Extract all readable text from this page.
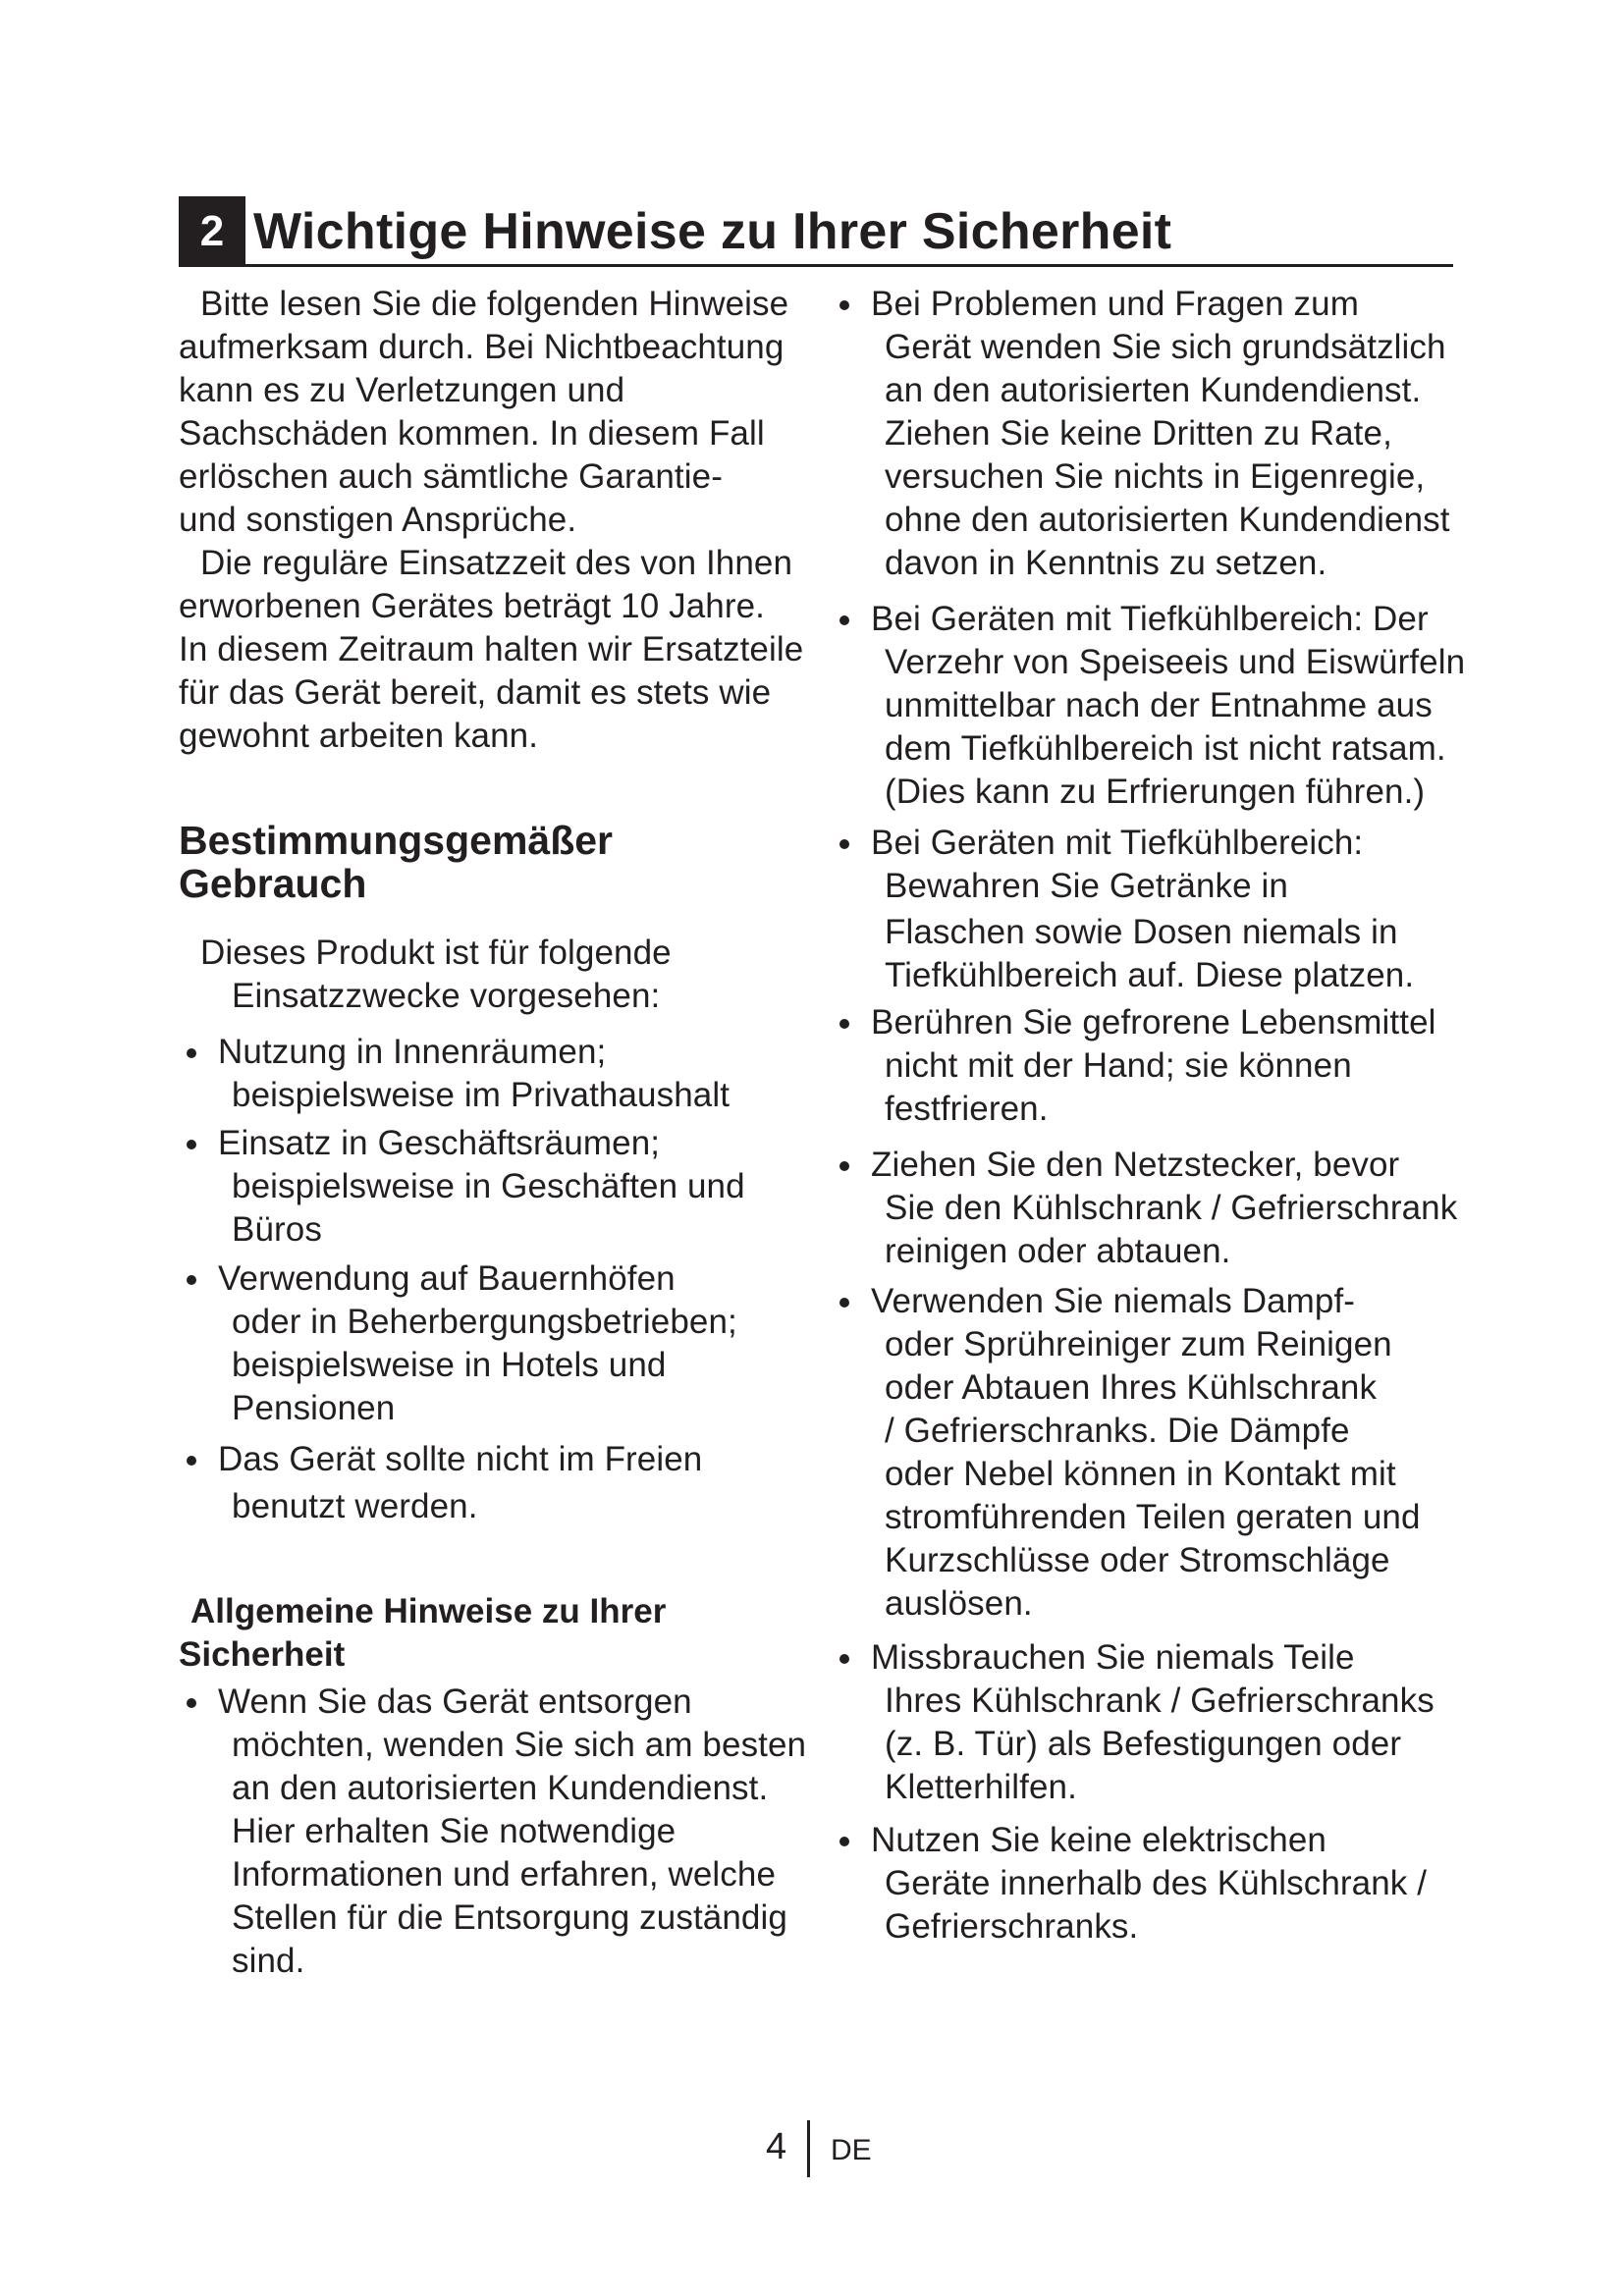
2 Wichtige Hinweise zu Ihrer Sicherheit
Bitte lesen Sie die folgenden Hinweise
aufmerksam durch. Bei Nichtbeachtung
kann es zu Verletzungen und
Sachschäden kommen. In diesem Fall
erlöschen auch sämtliche Garantie-
und sonstigen Ansprüche.
Die reguläre Einsatzzeit des von Ihnen
erworbenen Gerätes beträgt 10 Jahre.
In diesem Zeitraum halten wir Ersatzteile
für das Gerät bereit, damit es stets wie
gewohnt arbeiten kann.
Bestimmungsgemäßer
Gebrauch
Dieses Produkt ist für folgende
Einsatzzwecke vorgesehen:
Nutzung in Innenräumen;
beispielsweise im Privathaushalt
Einsatz in Geschäftsräumen;
beispielsweise in Geschäften und
Büros
Verwendung auf Bauernhöfen
oder in Beherbergungsbetrieben;
beispielsweise in Hotels und
Pensionen
Das Gerät sollte nicht im Freien
benutzt werden.
Allgemeine Hinweise zu Ihrer
Sicherheit
Wenn Sie das Gerät entsorgen
möchten, wenden Sie sich am besten
an den autorisierten Kundendienst.
Hier erhalten Sie notwendige
Informationen und erfahren, welche
Stellen für die Entsorgung zuständig
sind.
Bei Problemen und Fragen zum
Gerät wenden Sie sich grundsätzlich
an den autorisierten Kundendienst.
Ziehen Sie keine Dritten zu Rate,
versuchen Sie nichts in Eigenregie,
ohne den autorisierten Kundendienst
davon in Kenntnis zu setzen.
Bei Geräten mit Tiefkühlbereich: Der
Verzehr von Speiseeis und Eiswürfeln
unmittelbar nach der Entnahme aus
dem Tiefkühlbereich ist nicht ratsam.
(Dies kann zu Erfrierungen führen.)
Bei Geräten mit Tiefkühlbereich:
Bewahren Sie Getränke in
Flaschen sowie Dosen niemals in
Tiefkühlbereich auf. Diese platzen.
Berühren Sie gefrorene Lebensmittel
nicht mit der Hand; sie können
festfrieren.
Ziehen Sie den Netzstecker, bevor
Sie den Kühlschrank / Gefrierschrank
reinigen oder abtauen.
Verwenden Sie niemals Dampf-
oder Sprühreiniger zum Reinigen
oder Abtauen Ihres Kühlschrank
/ Gefrierschranks. Die Dämpfe
oder Nebel können in Kontakt mit
stromführenden Teilen geraten und
Kurzschlüsse oder Stromschläge
auslösen.
Missbrauchen Sie niemals Teile
Ihres Kühlschrank / Gefrierschranks
(z. B. Tür) als Befestigungen oder
Kletterhilfen.
Nutzen Sie keine elektrischen
Geräte innerhalb des Kühlschrank /
Gefrierschranks.
4 DE
